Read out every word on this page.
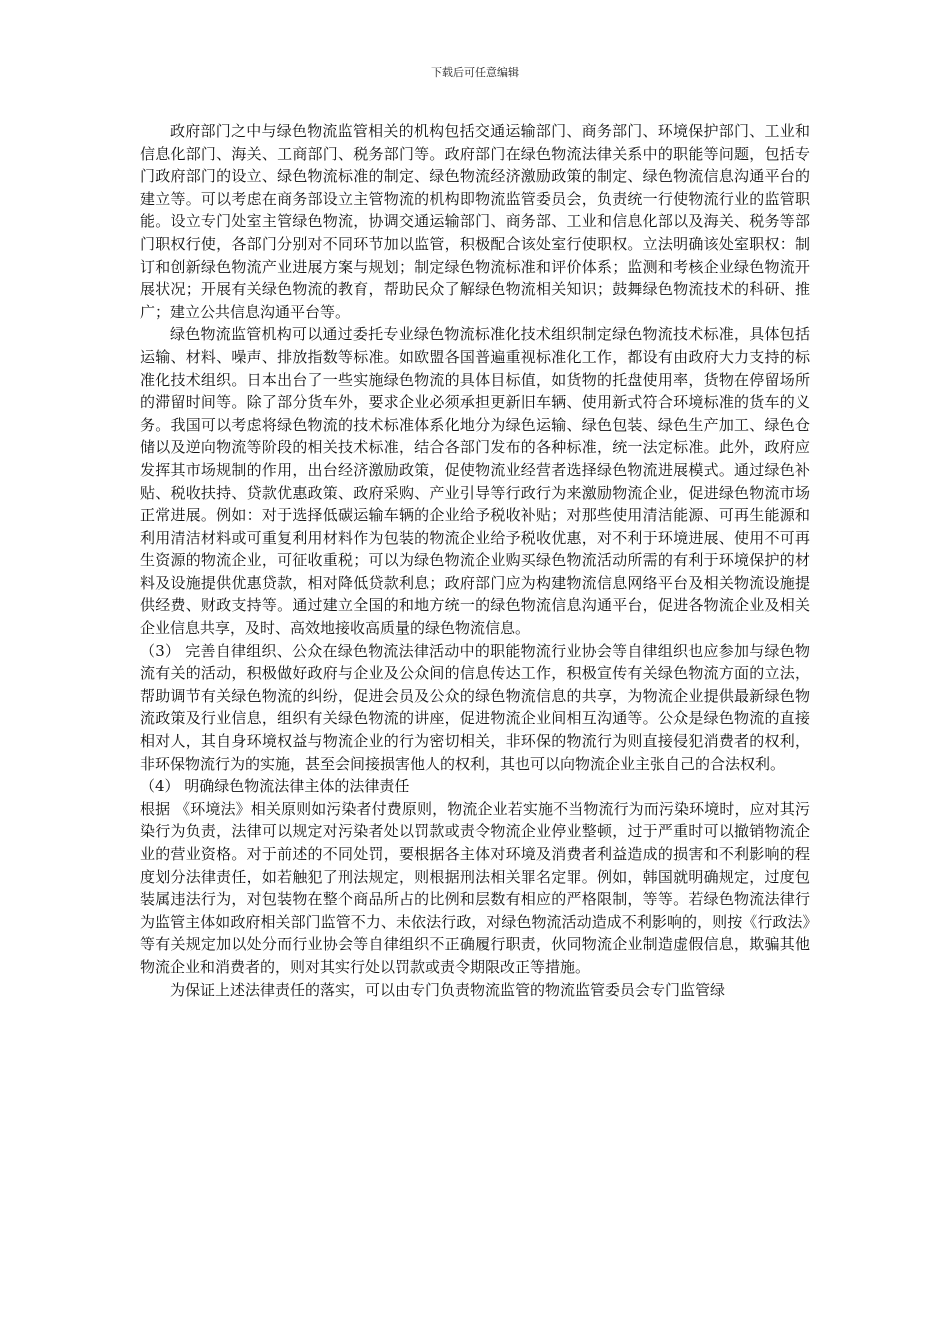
下载后可任意编辑

政府部门之中与绿色物流监管相关的机构包括交通运输部门、商务部门、环境保护部门、工业和信息化部门、海关、工商部门、税务部门等。政府部门在绿色物流法律关系中的职能等问题，包括专门政府部门的设立、绿色物流标准的制定、绿色物流经济激励政策的制定、绿色物流信息沟通平台的建立等。可以考虑在商务部设立主管物流的机构即物流监管委员会，负责统一行使物流行业的监管职能。设立专门处室主管绿色物流，协调交通运输部门、商务部、工业和信息化部以及海关、税务等部门职权行使，各部门分别对不同环节加以监管，积极配合该处室行使职权。立法明确该处室职权：制订和创新绿色物流产业进展方案与规划；制定绿色物流标准和评价体系；监测和考核企业绿色物流开展状况；开展有关绿色物流的教育，帮助民众了解绿色物流相关知识；鼓舞绿色物流技术的科研、推广；建立公共信息沟通平台等。

绿色物流监管机构可以通过委托专业绿色物流标准化技术组织制定绿色物流技术标准，具体包括运输、材料、噪声、排放指数等标准。如欧盟各国普遍重视标准化工作，都设有由政府大力支持的标准化技术组织。日本出台了一些实施绿色物流的具体目标值，如货物的托盘使用率，货物在停留场所的滞留时间等。除了部分货车外，要求企业必须承担更新旧车辆、使用新式符合环境标准的货车的义务。我国可以考虑将绿色物流的技术标准体系化地分为绿色运输、绿色包装、绿色生产加工、绿色仓储以及逆向物流等阶段的相关技术标准，结合各部门发布的各种标准，统一法定标准。此外，政府应发挥其市场规制的作用，出台经济激励政策，促使物流业经营者选择绿色物流进展模式。通过绿色补贴、税收扶持、贷款优惠政策、政府采购、产业引导等行政行为来激励物流企业，促进绿色物流市场正常进展。例如：对于选择低碳运输车辆的企业给予税收补贴；对那些使用清洁能源、可再生能源和利用清洁材料或可重复利用材料作为包装的物流企业给予税收优惠，对不利于环境进展、使用不可再生资源的物流企业，可征收重税；可以为绿色物流企业购买绿色物流活动所需的有利于环境保护的材料及设施提供优惠贷款，相对降低贷款利息；政府部门应为构建物流信息网络平台及相关物流设施提供经费、财政支持等。通过建立全国的和地方统一的绿色物流信息沟通平台，促进各物流企业及相关企业信息共享，及时、高效地接收高质量的绿色物流信息。

（3） 完善自律组织、公众在绿色物流法律活动中的职能物流行业协会等自律组织也应参加与绿色物流有关的活动，积极做好政府与企业及公众间的信息传达工作，积极宣传有关绿色物流方面的立法，帮助调节有关绿色物流的纠纷，促进会员及公众的绿色物流信息的共享，为物流企业提供最新绿色物流政策及行业信息，组织有关绿色物流的讲座，促进物流企业间相互沟通等。公众是绿色物流的直接相对人，其自身环境权益与物流企业的行为密切相关，非环保的物流行为则直接侵犯消费者的权利，非环保物流行为的实施，甚至会间接损害他人的权利，其也可以向物流企业主张自己的合法权利。

（4） 明确绿色物流法律主体的法律责任

根据 《环境法》相关原则如污染者付费原则，物流企业若实施不当物流行为而污染环境时，应对其污染行为负责，法律可以规定对污染者处以罚款或责令物流企业停业整顿，过于严重时可以撤销物流企业的营业资格。对于前述的不同处罚，要根据各主体对环境及消费者利益造成的损害和不利影响的程度划分法律责任，如若触犯了刑法规定，则根据刑法相关罪名定罪。例如，韩国就明确规定，过度包装属违法行为，对包装物在整个商品所占的比例和层数有相应的严格限制，等等。若绿色物流法律行为监管主体如政府相关部门监管不力、未依法行政，对绿色物流活动造成不利影响的，则按《行政法》等有关规定加以处分而行业协会等自律组织不正确履行职责，伙同物流企业制造虚假信息，欺骗其他物流企业和消费者的，则对其实行处以罚款或责令期限改正等措施。

为保证上述法律责任的落实，可以由专门负责物流监管的物流监管委员会专门监管绿
